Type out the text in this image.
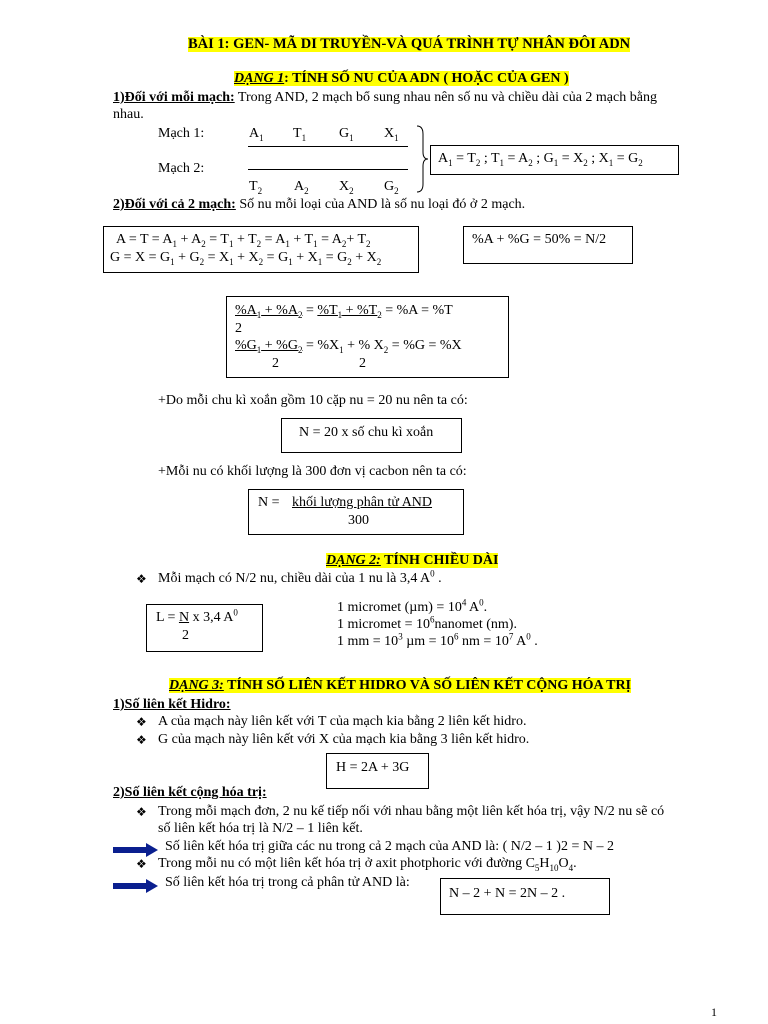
BÀI 1: GEN- MÃ DI TRUYỀN-VÀ QUÁ TRÌNH TỰ NHÂN ĐÔI ADN
DẠNG 1: TÍNH SỐ NU CỦA ADN ( HOẶC CỦA GEN )
1)Đối với mỗi mạch: Trong AND, 2 mạch bổ sung nhau nên số nu và chiều dài của 2 mạch bằng
nhau.
Mạch 1:	$A_1$ $T_1$ $G_1$ $X_1$
Mạch 2:
$T_2$ $A_2$ $X_2$ $G_2$
$A_1 = T_2$ ; $T_1 = A_2$ ; $G_1 = X_2$ ; $X_1 = G_2$
2)Đối với cả 2 mạch: Số nu mỗi loại của AND là số nu loại đó ở 2 mạch.
$A = T = A_1 + A_2 = T_1 + T_2 = A_1 + T_1 = A_2+ T_2$
$G = X = G_1 + G_2 = X_1 + X_2 = G_1 + X_1 = G_2 + X_2$
%A + %G = 50% = N/2
$\%A_1 + \%A_2 = \%T_1 + \%T_2 = \%A = \%T$
2
$\%G_1 + \%G_2 = \%X_1$ + % $X_2 = \%G = \%X$
2	2
+Do mỗi chu kì xoắn gồm 10 cặp nu = 20 nu nên ta có:
N = 20 x số chu kì xoắn
+Mỗi nu có khối lượng là 300 đơn vị cacbon nên ta có:
N = khối lượng phân tử AND
300
DẠNG 2: TÍNH CHIỀU DÀI
❖ Mỗi mạch có N/2 nu, chiều dài của 1 nu là 3,4 $A^0$ .
L = N x 3,4 $A^0$
2
1 micromet $(\mu m) = 10^4$ $A^0$.
1 micromet = $10^6nanomet$ (nm).
1 mm = $10^3$ $\mu m = 10^6$ nm = $10^7$ $A^0$ .
DẠNG 3: TÍNH SỐ LIÊN KẾT HIDRO VÀ SỐ LIÊN KẾT CỘNG HÓA TRỊ
1)Số liên kết Hidro:
❖ A của mạch này liên kết với T của mạch kia bằng 2 liên kết hidro.
❖ G của mạch này liên kết với X của mạch kia bằng 3 liên kết hidro.
H = 2A + 3G
2)Số liên kết cộng hóa trị:
❖ Trong mỗi mạch đơn, 2 nu kế tiếp nối với nhau bằng một liên kết hóa trị, vậy N/2 nu sẽ có
số liên kết hóa trị là N/2 – 1 liên kết.
Số liên kết hóa trị giữa các nu trong cả 2 mạch của AND là: ( N/2 – 1 )2 = N – 2
❖ Trong mỗi nu có một liên kết hóa trị ở axit photphoric với đường $C_5H_{10}O_4$.
Số liên kết hóa trị trong cả phân tử AND là:
N – 2 + N = 2N – 2 .
1
